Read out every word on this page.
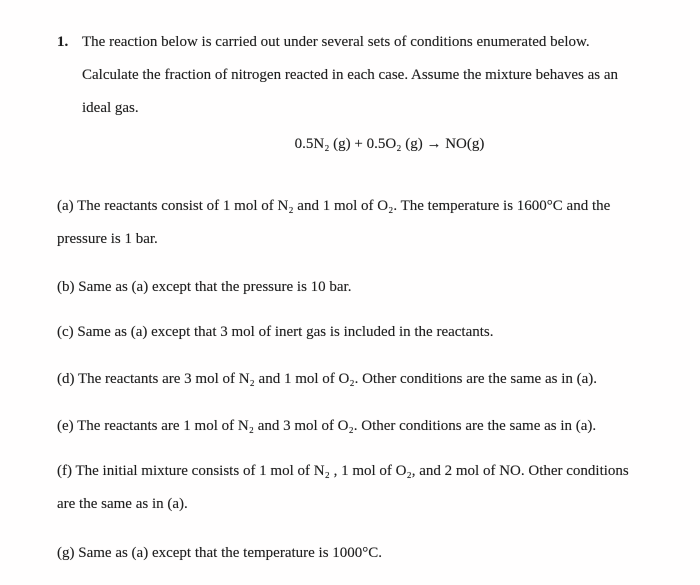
1. The reaction below is carried out under several sets of conditions enumerated below.
Calculate the fraction of nitrogen reacted in each case. Assume the mixture behaves as an
ideal gas.
0.5N₂ (g) + 0.5O₂ (g) → NO(g)
(a) The reactants consist of 1 mol of N₂ and 1 mol of O₂. The temperature is 1600°C and the
pressure is 1 bar.
(b) Same as (a) except that the pressure is 10 bar.
(c) Same as (a) except that 3 mol of inert gas is included in the reactants.
(d) The reactants are 3 mol of N₂ and 1 mol of O₂. Other conditions are the same as in (a).
(e) The reactants are 1 mol of N₂ and 3 mol of O₂. Other conditions are the same as in (a).
(f) The initial mixture consists of 1 mol of N₂ , 1 mol of O₂, and 2 mol of NO. Other conditions
are the same as in (a).
(g) Same as (a) except that the temperature is 1000°C.
